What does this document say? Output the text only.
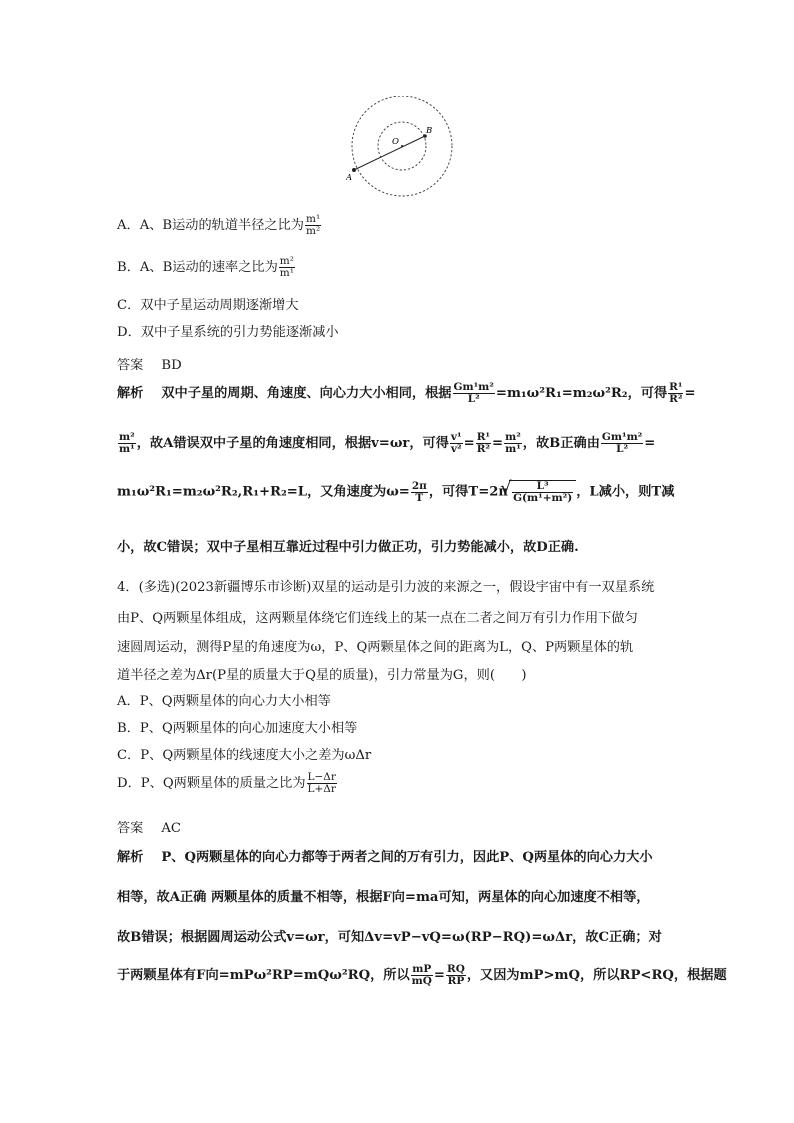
O
B
A
A．A、B运动的轨道半径之比为 $\frac{\text{m¹}}{\text{m²}}$
B．A、B运动的速率之比为 $\frac{\text{m²}}{\text{m¹}}$
C．双中子星运动周期逐渐增大
D．双中子星系统的引力势能逐渐减小
答案 BD
解析 双中子星的周期、角速度、向心力大小相同，根据 $\frac{\text{Gm¹m²}}{\text{L²}} =m_1\omega^2R_1=m_2\omega^2R_2$，可得 $\frac{\text{R¹}}{\text{R²}}$ =
$\frac{\text{m²}}{\text{m¹}}$ ，故A错误双中子星的角速度相同，根据v=ωr，可得 $\frac{\text{v¹}}{\text{v²}} = \frac{\text{R¹}}{\text{R²}} = \frac{\text{m²}}{\text{m¹}}$ ，故B正确由 $\frac{\text{Gm¹m²}}{\text{L²}}$ =
m₁ω²R₁=m₂ω²R₂,R₁+R₂=L，又角速度为$\omega= \frac{2\pi}{T}$ ，可得T=2π
√ $\frac{\text{L³}}{\text{G(m¹+m²)}}$ ，L减小，则T减
小，故C错误；双中子星相互靠近过程中引力做正功，引力势能减小，故D正确.
4．(多选)(2023新疆博乐市诊断)双星的运动是引力波的来源之一，假设宇宙中有一双星系统
由P、Q两颗星体组成，这两颗星体绕它们连线上的某一点在二者之间万有引力作用下做匀
速圆周运动，测得P星的角速度为ω，P、Q两颗星体之间的距离为L，Q、P两颗星体的轨
道半径之差为Δr(P星的质量大于Q星的质量)，引力常量为G，则(　　)
A．P、Q两颗星体的向心力大小相等
B．P、Q两颗星体的向心加速度大小相等
C．P、Q两颗星体的线速度大小之差为ωΔr
D．P、Q两颗星体的质量之比为 $\frac{L-\Delta r}{L+\Delta r}$
答案 AC
解析 P、Q两颗星体的向心力都等于两者之间的万有引力，因此P、Q两星体的向心力大小
相等，故A正确 两颗星体的质量不相等，根据F向=ma可知，两星体的向心加速度不相等，
故B错误；根据圆周运动公式v=ωr，可知Δv=vP−vQ=ω(RP−RQ)=ωΔr，故C正确；对
于两颗星体有F向=mPω²RP=mQω²RQ，所以 $\frac{mP}{mQ} = \frac{RQ}{RP}$ ，又因为mP>mQ，所以RP<RQ，根据题
